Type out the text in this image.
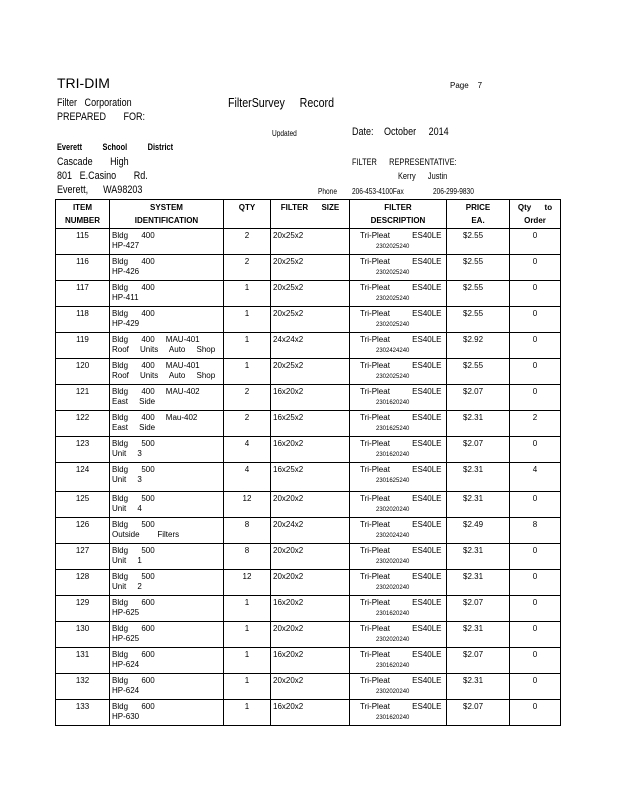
TRI-DIM	Page 7
Filter   Corporation	FilterSurvey     Record
PREPARED       FOR:
Updated	Date: October     2014
Everett          School          District
Cascade       High	FILTER      REPRESENTATIVE:
801   E.Casino       Rd.	Kerry      Justin
Everett,      WA98203	Phone 206-453-4100Fax	206-299-9830
ITEM
NUMBER	SYSTEM
IDENTIFICATION	QTY	FILTER      SIZE	FILTER
DESCRIPTION	PRICE
EA.	Qty      to
Order
115	Bldg      400
HP-427	2	20x25x2	Tri-Pleat          ES40LE
2302025240	$2.55	0
116	Bldg      400
HP-426	2	20x25x2	Tri-Pleat          ES40LE
2302025240	$2.55	0
117	Bldg      400
HP-411	1	20x25x2	Tri-Pleat          ES40LE
2302025240	$2.55	0
118	Bldg      400
HP-429	1	20x25x2	Tri-Pleat          ES40LE
2302025240	$2.55	0
119	Bldg      400     MAU-401
Roof     Units     Auto     Shop	1	24x24x2	Tri-Pleat          ES40LE
2302424240	$2.92	0
120	Bldg      400     MAU-401
Roof     Units     Auto     Shop	1	20x25x2	Tri-Pleat          ES40LE
2302025240	$2.55	0
121	Bldg      400     MAU-402
East     Side	2	16x20x2	Tri-Pleat          ES40LE
2301620240	$2.07	0
122	Bldg      400     Mau-402
East     Side	2	16x25x2	Tri-Pleat          ES40LE
2301625240	$2.31	2
123	Bldg      500
Unit     3	4	16x20x2	Tri-Pleat          ES40LE
2301620240	$2.07	0
124	Bldg      500
Unit     3	4	16x25x2	Tri-Pleat          ES40LE
2301625240	$2.31	4
125	Bldg      500
Unit     4	12	20x20x2	Tri-Pleat          ES40LE
2302020240	$2.31	0
126	Bldg      500
Outside        Filters	8	20x24x2	Tri-Pleat          ES40LE
2302024240	$2.49	8
127	Bldg      500
Unit     1	8	20x20x2	Tri-Pleat          ES40LE
2302020240	$2.31	0
128	Bldg      500
Unit     2	12	20x20x2	Tri-Pleat          ES40LE
2302020240	$2.31	0
129	Bldg      600
HP-625	1	16x20x2	Tri-Pleat          ES40LE
2301620240	$2.07	0
130	Bldg      600
HP-625	1	20x20x2	Tri-Pleat          ES40LE
2302020240	$2.31	0
131	Bldg      600
HP-624	1	16x20x2	Tri-Pleat          ES40LE
2301620240	$2.07	0
132	Bldg      600
HP-624	1	20x20x2	Tri-Pleat          ES40LE
2302020240	$2.31	0
133	Bldg      600
HP-630	1	16x20x2	Tri-Pleat          ES40LE
2301620240	$2.07	0
